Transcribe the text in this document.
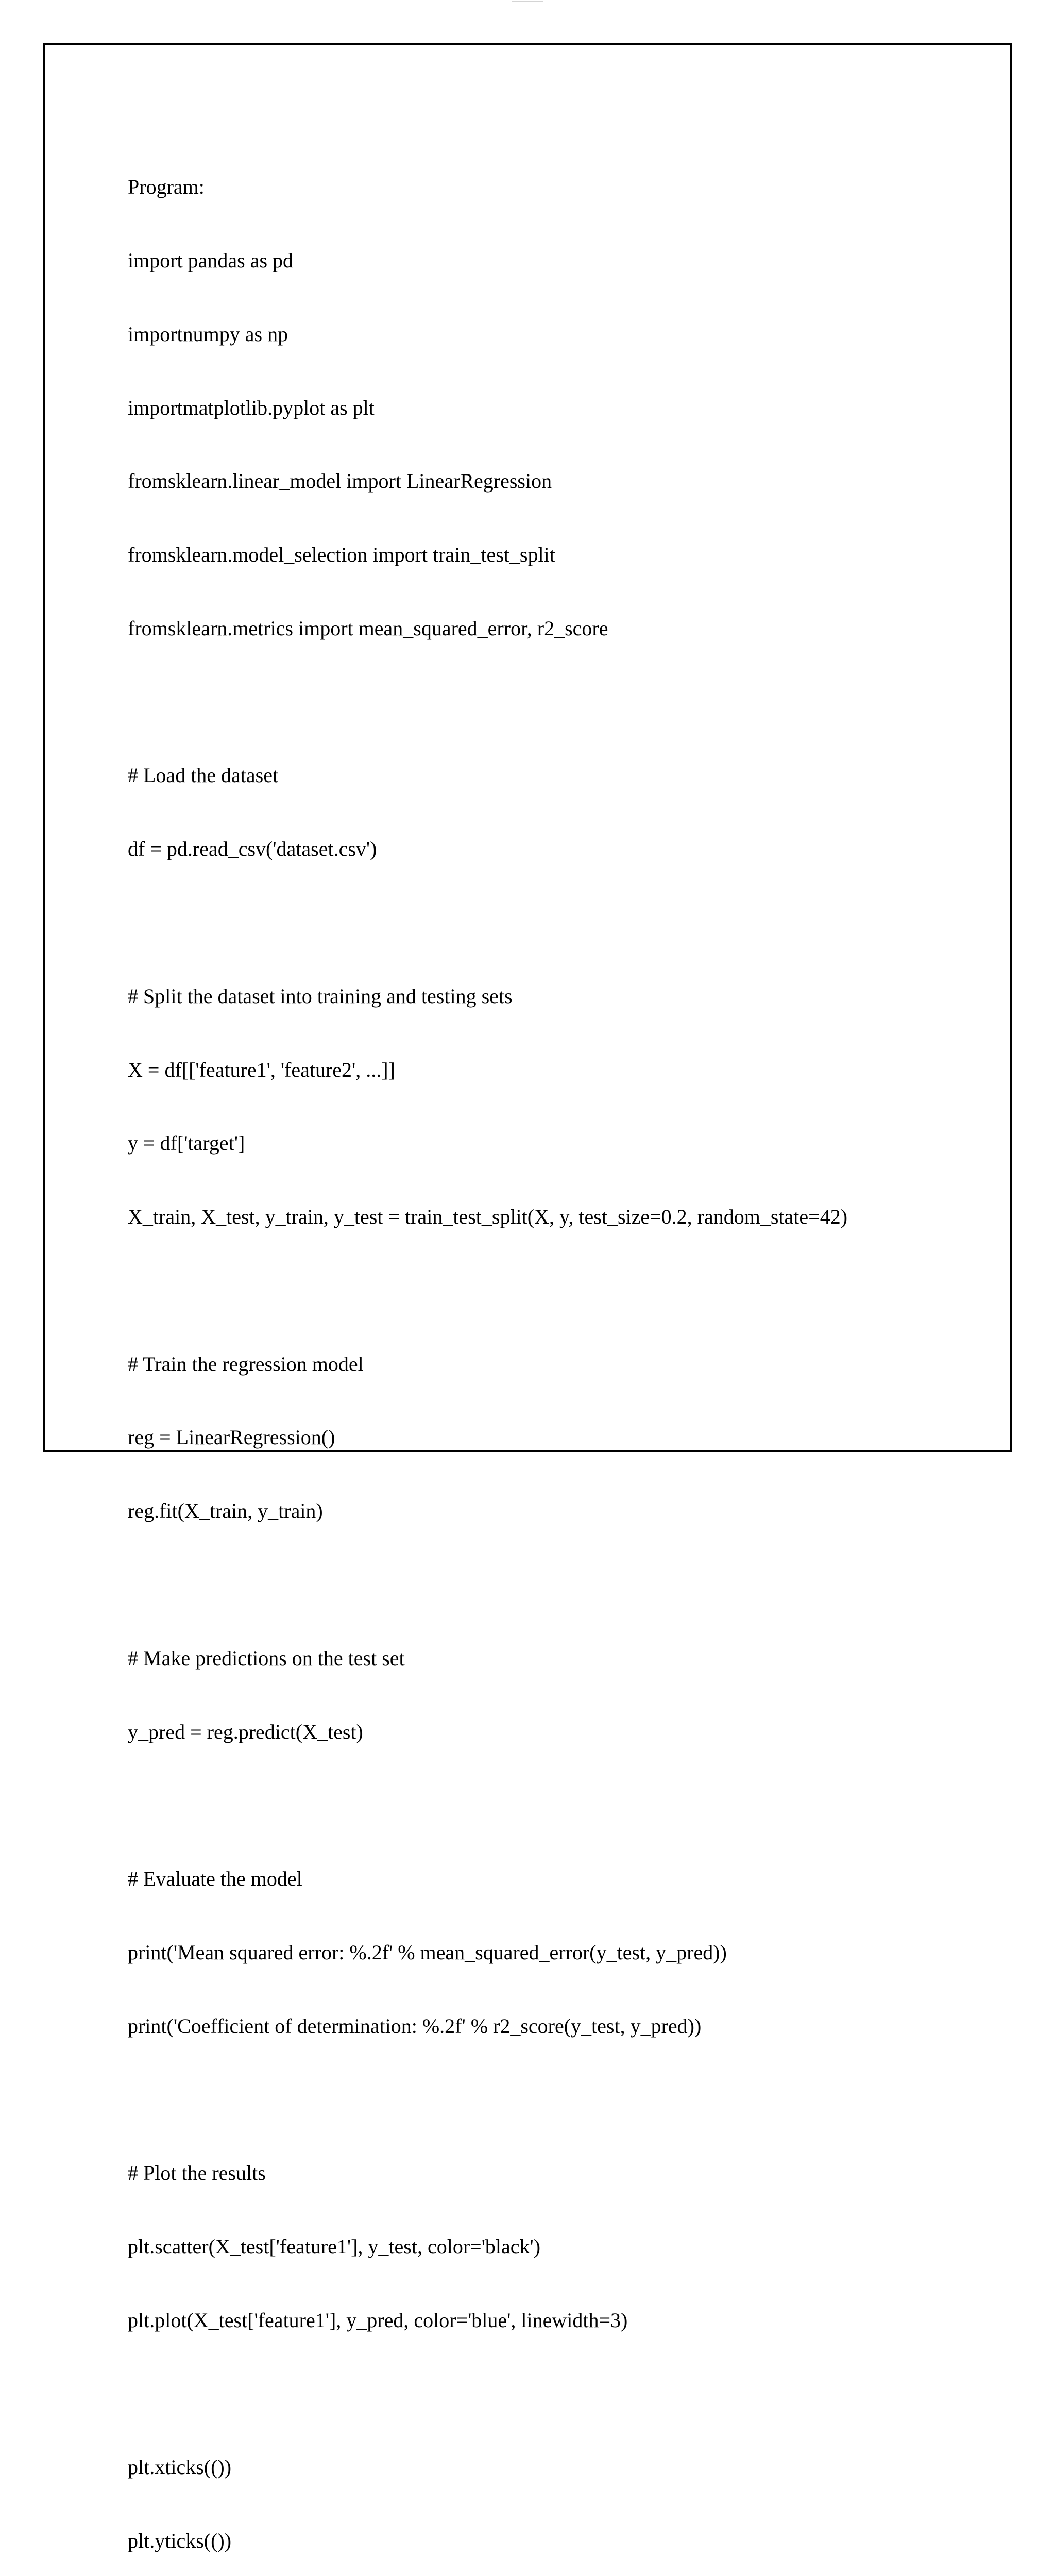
Program:

import pandas as pd

importnumpy as np

importmatplotlib.pyplot as plt

fromsklearn.linear_model import LinearRegression

fromsklearn.model_selection import train_test_split

fromsklearn.metrics import mean_squared_error, r2_score

# Load the dataset

df = pd.read_csv('dataset.csv')

# Split the dataset into training and testing sets

X = df[['feature1', 'feature2', ...]]

y = df['target']

X_train, X_test, y_train, y_test = train_test_split(X, y, test_size=0.2, random_state=42)

# Train the regression model

reg = LinearRegression()

reg.fit(X_train, y_train)

# Make predictions on the test set

y_pred = reg.predict(X_test)

# Evaluate the model

print('Mean squared error: %.2f' % mean_squared_error(y_test, y_pred))

print('Coefficient of determination: %.2f' % r2_score(y_test, y_pred))

# Plot the results

plt.scatter(X_test['feature1'], y_test, color='black')

plt.plot(X_test['feature1'], y_pred, color='blue', linewidth=3)

plt.xticks(())

plt.yticks(())
